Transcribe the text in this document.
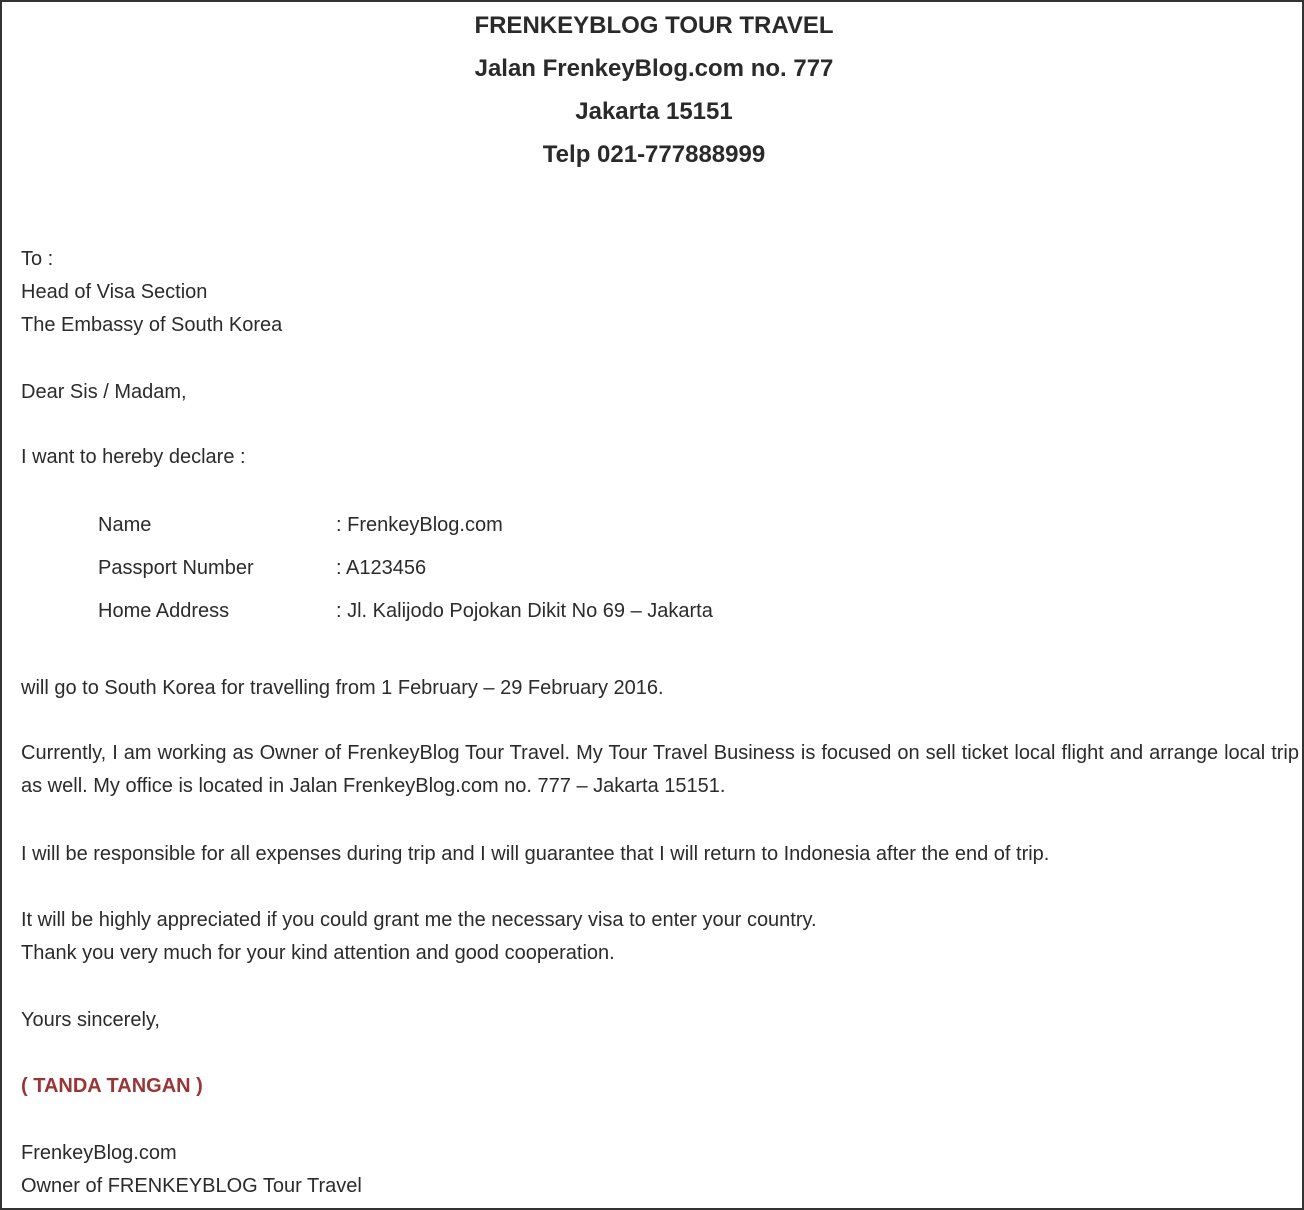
FRENKEYBLOG TOUR TRAVEL
Jalan FrenkeyBlog.com no. 777
Jakarta 15151
Telp 021-777888999
To :
Head of Visa Section
The Embassy of South Korea
Dear Sis / Madam,
I want to hereby declare :
Name	: FrenkeyBlog.com
Passport Number	: A123456
Home Address	: Jl. Kalijodo Pojokan Dikit No 69 – Jakarta
will go to South Korea for travelling from 1 February – 29 February 2016.
Currently, I am working as Owner of FrenkeyBlog Tour Travel. My Tour Travel Business is focused on sell ticket local flight and arrange local trip as well. My office is located in Jalan FrenkeyBlog.com no. 777 – Jakarta 15151.
I will be responsible for all expenses during trip and I will guarantee that I will return to Indonesia after the end of trip.
It will be highly appreciated if you could grant me the necessary visa to enter your country.
Thank you very much for your kind attention and good cooperation.
Yours sincerely,
( TANDA TANGAN )
FrenkeyBlog.com
Owner of FRENKEYBLOG Tour Travel
